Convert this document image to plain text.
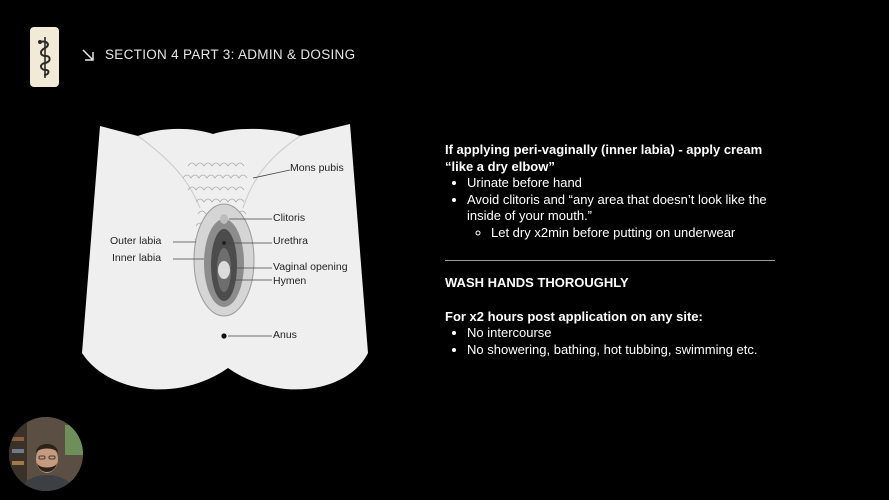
SECTION 4 PART 3: ADMIN & DOSING
Mons pubis
Clitoris
Outer labia	Urethra
Inner labia
Vaginal opening
Hymen
Anus
If applying peri-vaginally (inner labia) - apply cream “like a dry elbow”
• Urinate before hand
• Avoid clitoris and “any area that doesn’t look like the inside of your mouth.”
◦ Let dry x2min before putting on underwear
WASH HANDS THOROUGHLY
For x2 hours post application on any site:
• No intercourse
• No showering, bathing, hot tubbing, swimming etc.
